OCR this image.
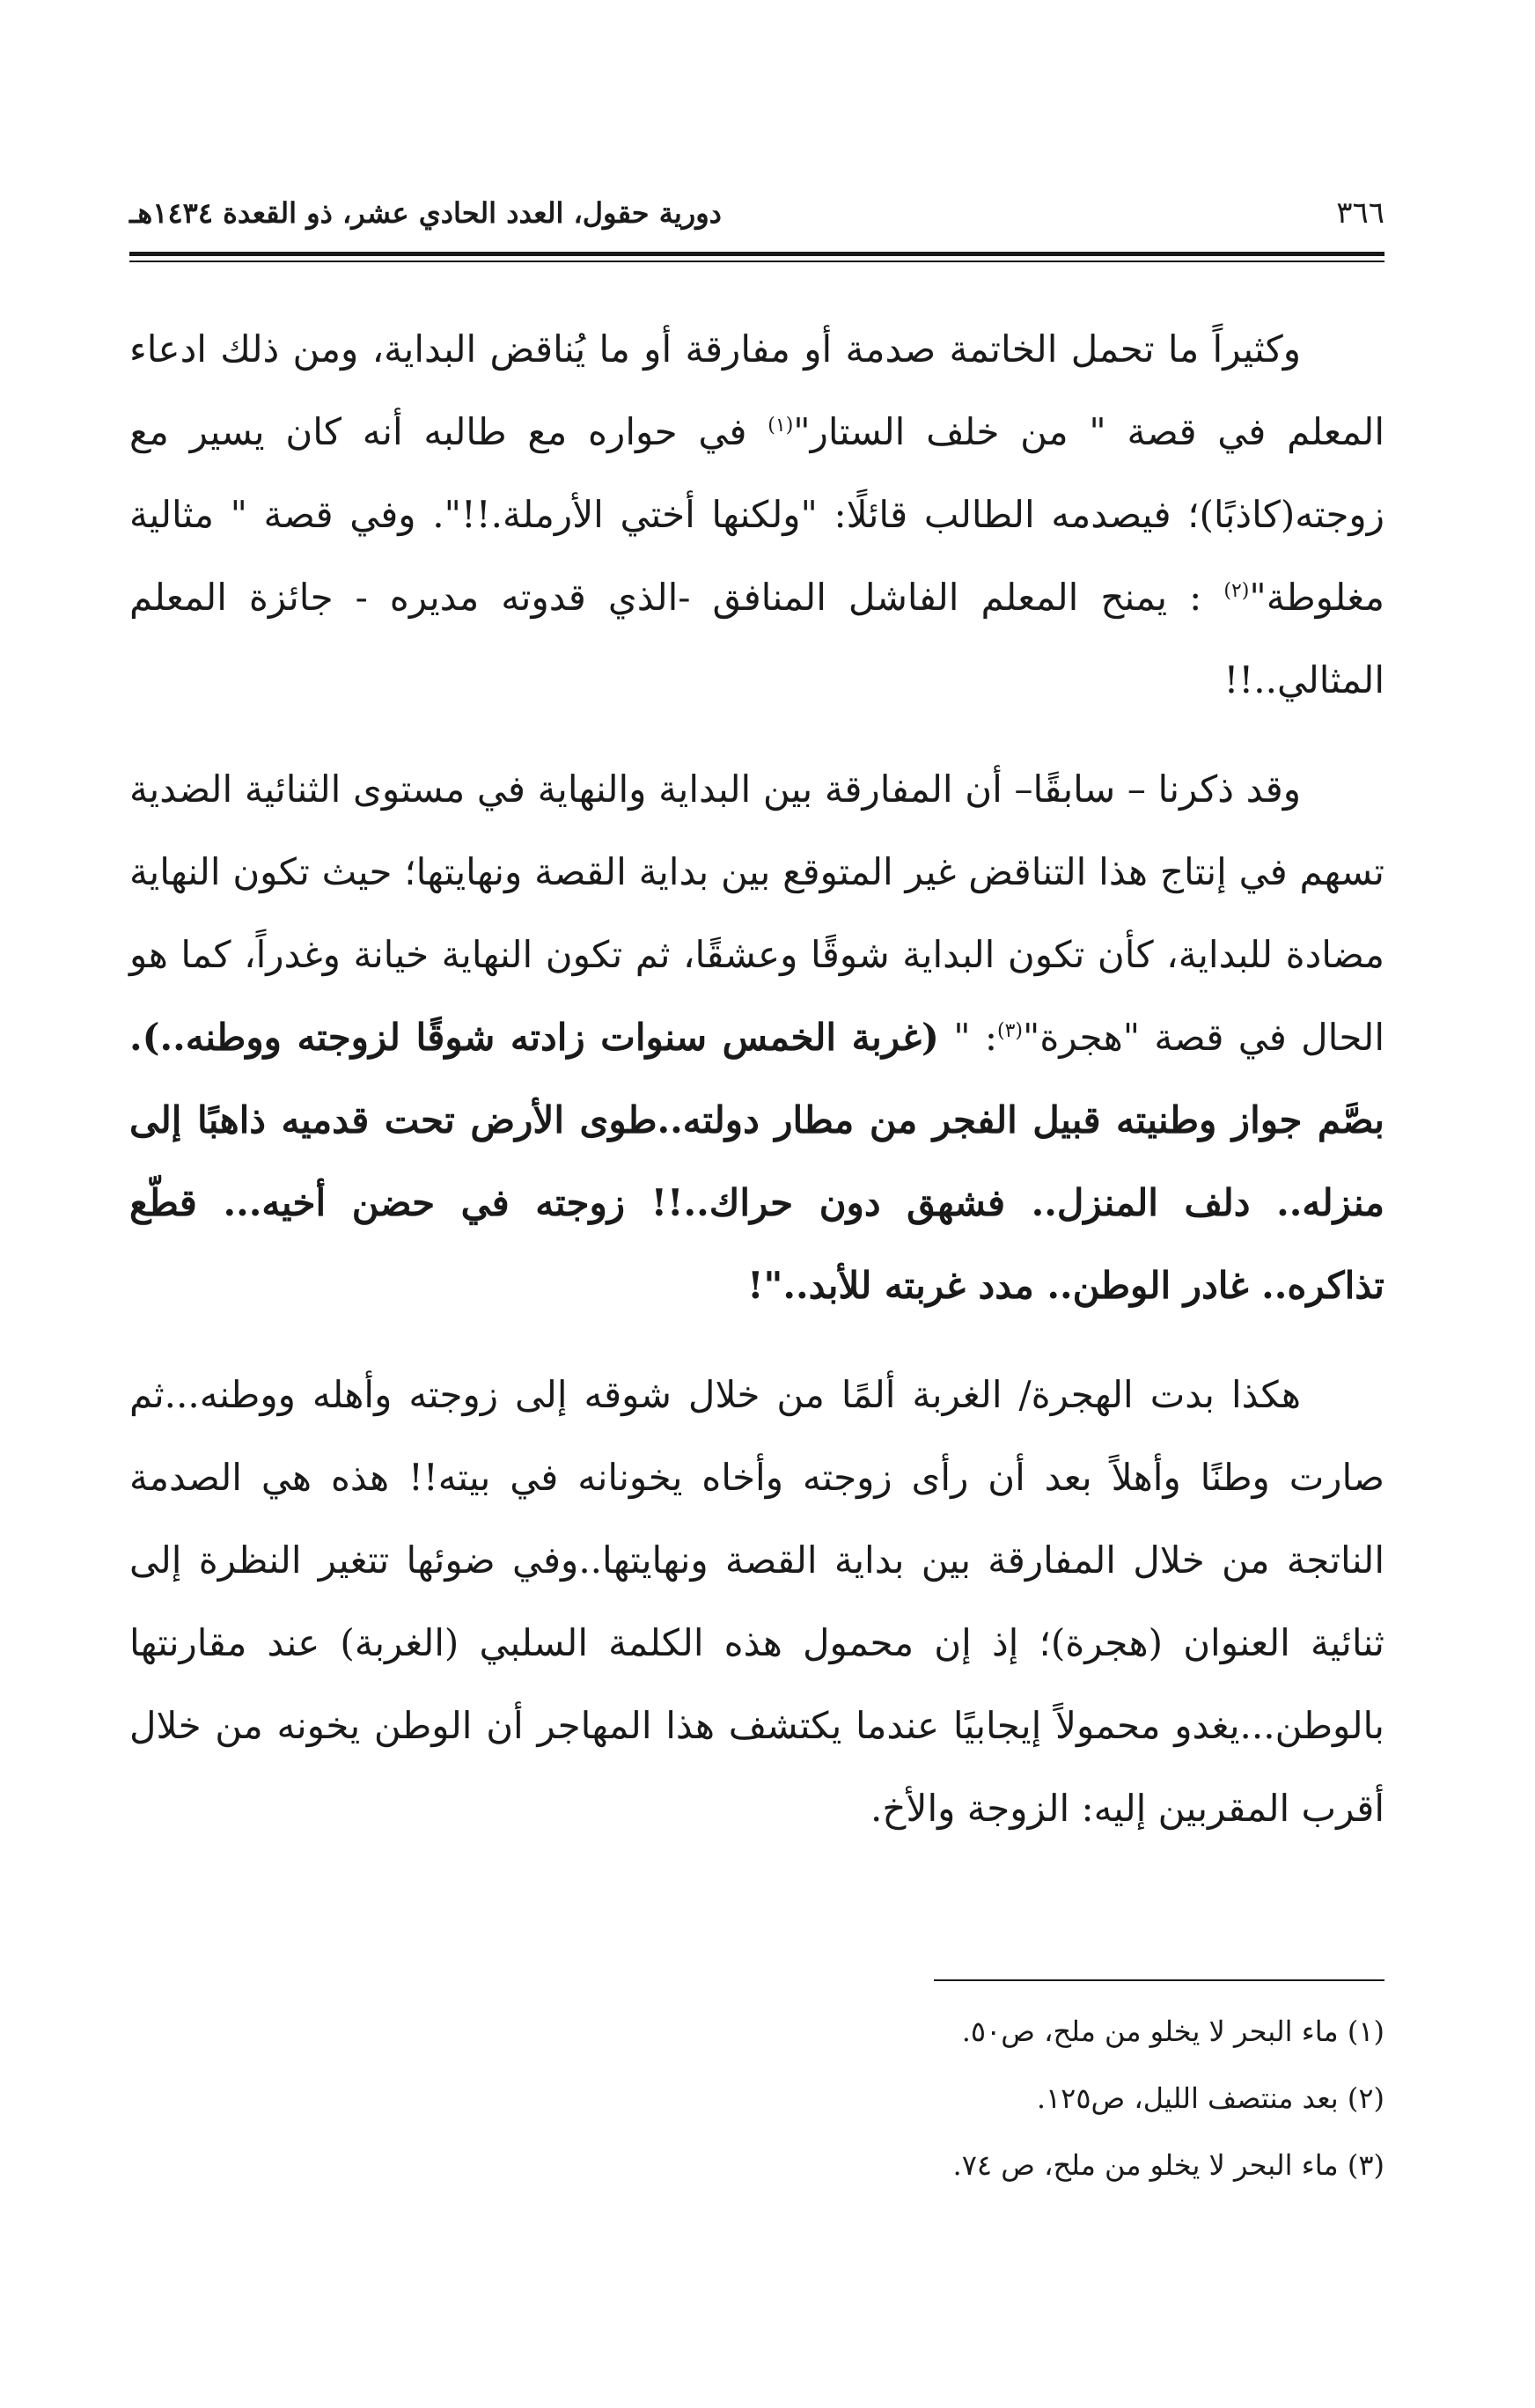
٣٦٦
دورية حقول، العدد الحادي عشر، ذو القعدة ١٤٣٤هـ

وكثيراً ما تحمل الخاتمة صدمة أو مفارقة أو ما يُناقض البداية، ومن ذلك ادعاء المعلم في قصة " من خلف الستار"$^{(١)}$ في حواره مع طالبه أنه كان يسير مع زوجته(كاذبًا)؛ فيصدمه الطالب قائلًا: "ولكنها أختي الأرملة.!!". وفي قصة " مثالية مغلوطة"$^{(٢)}$ : يمنح المعلم الفاشل المنافق -الذي قدوته مديره - جائزة المعلم المثالي..!!

وقد ذكرنا – سابقًا– أن المفارقة بين البداية والنهاية في مستوى الثنائية الضدية تسهم في إنتاج هذا التناقض غير المتوقع بين بداية القصة ونهايتها؛ حيث تكون النهاية مضادة للبداية، كأن تكون البداية شوقًا وعشقًا، ثم تكون النهاية خيانة وغدراً، كما هو الحال في قصة "هجرة"$^{(٣)}$: " (غربة الخمس سنوات زادته شوقًا لزوجته ووطنه..). بصَّم جواز وطنيته قبيل الفجر من مطار دولته..طوى الأرض تحت قدميه ذاهبًا إلى منزله.. دلف المنزل.. فشهق دون حراك..!! زوجته في حضن أخيه... قطّع تذاكره.. غادر الوطن.. مدد غربته للأبد.."!

هكذا بدت الهجرة/ الغربة ألمًا من خلال شوقه إلى زوجته وأهله ووطنه...ثم صارت وطنًا وأهلاً بعد أن رأى زوجته وأخاه يخونانه في بيته!! هذه هي الصدمة الناتجة من خلال المفارقة بين بداية القصة ونهايتها..وفي ضوئها تتغير النظرة إلى ثنائية العنوان (هجرة)؛ إذ إن محمول هذه الكلمة السلبي (الغربة) عند مقارنتها بالوطن...يغدو محمولاً إيجابيًا عندما يكتشف هذا المهاجر أن الوطن يخونه من خلال أقرب المقربين إليه: الزوجة والأخ.

(١) ماء البحر لا يخلو من ملح، ص٥٠.
(٢) بعد منتصف الليل، ص١٢٥.
(٣) ماء البحر لا يخلو من ملح، ص ٧٤.
